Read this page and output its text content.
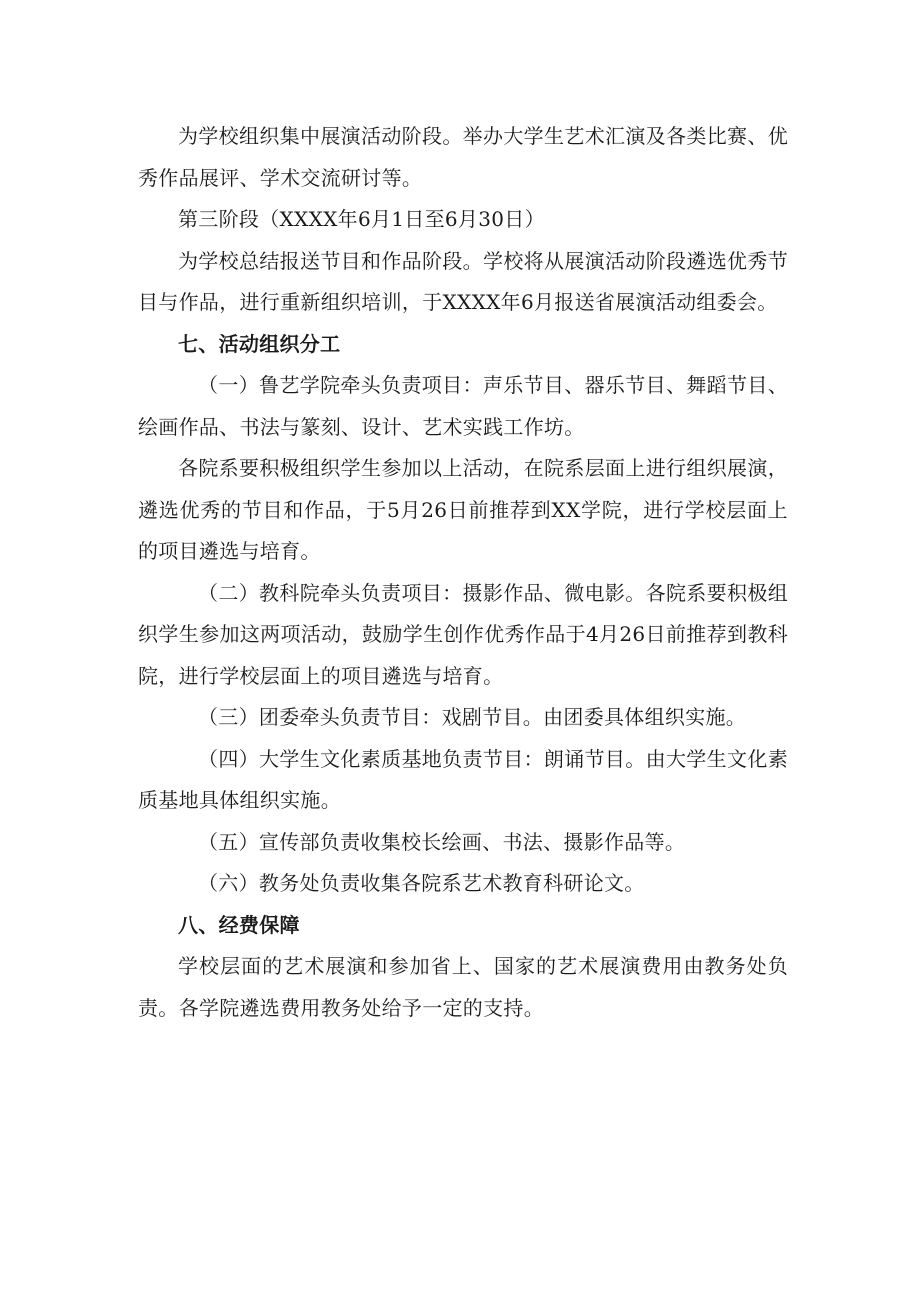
为学校组织集中展演活动阶段。举办大学生艺术汇演及各类比赛、优秀作品展评、学术交流研讨等。

第三阶段（XXXX年6月1日至6月30日）

为学校总结报送节目和作品阶段。学校将从展演活动阶段遴选优秀节目与作品，进行重新组织培训，于XXXX年6月报送省展演活动组委会。

七、活动组织分工

（一）鲁艺学院牵头负责项目：声乐节目、器乐节目、舞蹈节目、绘画作品、书法与篆刻、设计、艺术实践工作坊。

各院系要积极组织学生参加以上活动，在院系层面上进行组织展演，遴选优秀的节目和作品，于5月26日前推荐到XX学院，进行学校层面上的项目遴选与培育。

（二）教科院牵头负责项目：摄影作品、微电影。各院系要积极组织学生参加这两项活动，鼓励学生创作优秀作品于4月26日前推荐到教科院，进行学校层面上的项目遴选与培育。

（三）团委牵头负责节目：戏剧节目。由团委具体组织实施。

（四）大学生文化素质基地负责节目：朗诵节目。由大学生文化素质基地具体组织实施。

（五）宣传部负责收集校长绘画、书法、摄影作品等。

（六）教务处负责收集各院系艺术教育科研论文。

八、经费保障

学校层面的艺术展演和参加省上、国家的艺术展演费用由教务处负责。各学院遴选费用教务处给予一定的支持。
